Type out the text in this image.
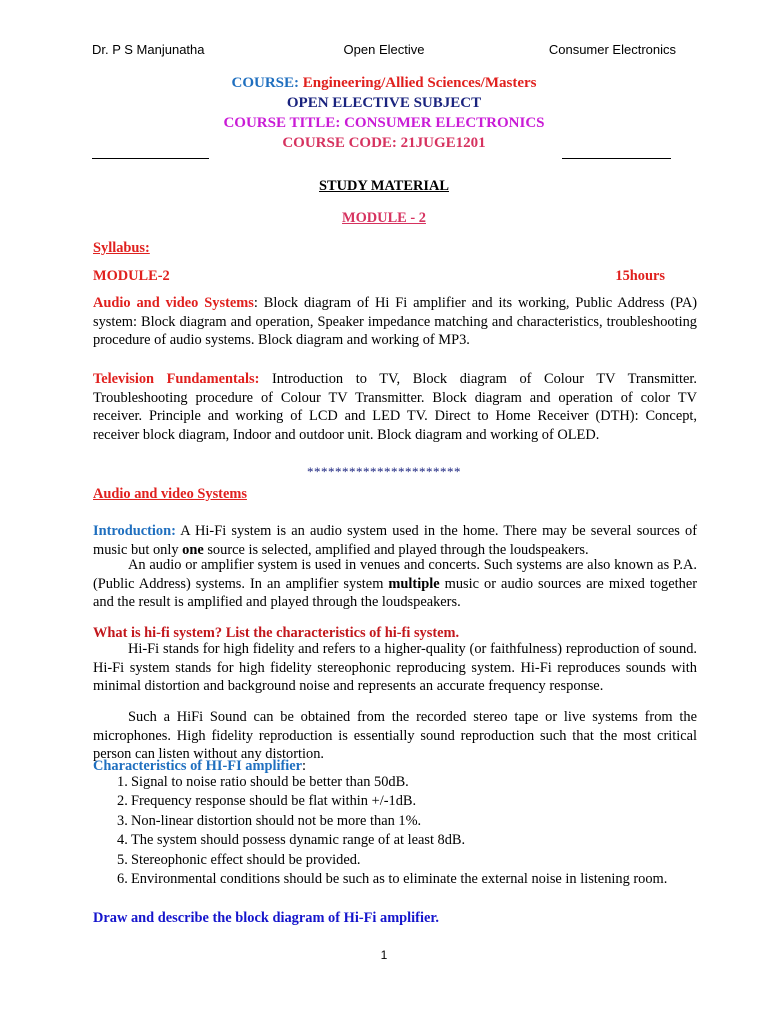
Dr. P S Manjunatha	Open Elective	Consumer Electronics
COURSE: Engineering/Allied Sciences/Masters
OPEN ELECTIVE SUBJECT
COURSE TITLE: CONSUMER ELECTRONICS
COURSE CODE: 21JUGE1201
STUDY MATERIAL
MODULE - 2
Syllabus:
MODULE-2	15hours
Audio and video Systems: Block diagram of Hi Fi amplifier and its working, Public Address (PA) system: Block diagram and operation, Speaker impedance matching and characteristics, troubleshooting procedure of audio systems. Block diagram and working of MP3.
Television Fundamentals: Introduction to TV, Block diagram of Colour TV Transmitter. Troubleshooting procedure of Colour TV Transmitter. Block diagram and operation of color TV receiver. Principle and working of LCD and LED TV. Direct to Home Receiver (DTH): Concept, receiver block diagram, Indoor and outdoor unit. Block diagram and working of OLED.
**********************
Audio and video Systems
Introduction: A Hi-Fi system is an audio system used in the home. There may be several sources of music but only one source is selected, amplified and played through the loudspeakers.
An audio or amplifier system is used in venues and concerts. Such systems are also known as P.A. (Public Address) systems. In an amplifier system multiple music or audio sources are mixed together and the result is amplified and played through the loudspeakers.
What is hi-fi system? List the characteristics of hi-fi system.
Hi-Fi stands for high fidelity and refers to a higher-quality (or faithfulness) reproduction of sound. Hi-Fi system stands for high fidelity stereophonic reproducing system. Hi-Fi reproduces sounds with minimal distortion and background noise and represents an accurate frequency response.
Such a HiFi Sound can be obtained from the recorded stereo tape or live systems from the microphones. High fidelity reproduction is essentially sound reproduction such that the most critical person can listen without any distortion.
Characteristics of HI-FI amplifier:
1. Signal to noise ratio should be better than 50dB.
2. Frequency response should be flat within +/-1dB.
3. Non-linear distortion should not be more than 1%.
4. The system should possess dynamic range of at least 8dB.
5. Stereophonic effect should be provided.
6. Environmental conditions should be such as to eliminate the external noise in listening room.
Draw and describe the block diagram of Hi-Fi amplifier.
1
